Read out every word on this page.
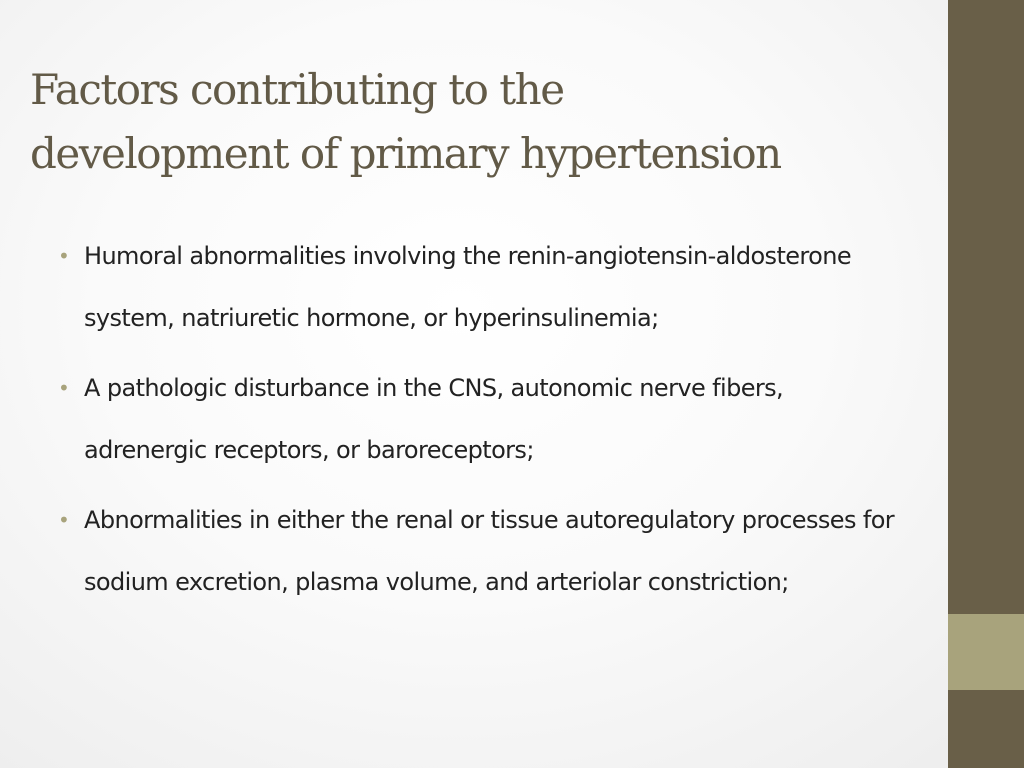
Factors contributing to the
development of primary hypertension
• Humoral abnormalities involving the renin-angiotensin-aldosterone system, natriuretic hormone, or hyperinsulinemia;
• A pathologic disturbance in the CNS, autonomic nerve fibers, adrenergic receptors, or baroreceptors;
• Abnormalities in either the renal or tissue autoregulatory processes for sodium excretion, plasma volume, and arteriolar constriction;
